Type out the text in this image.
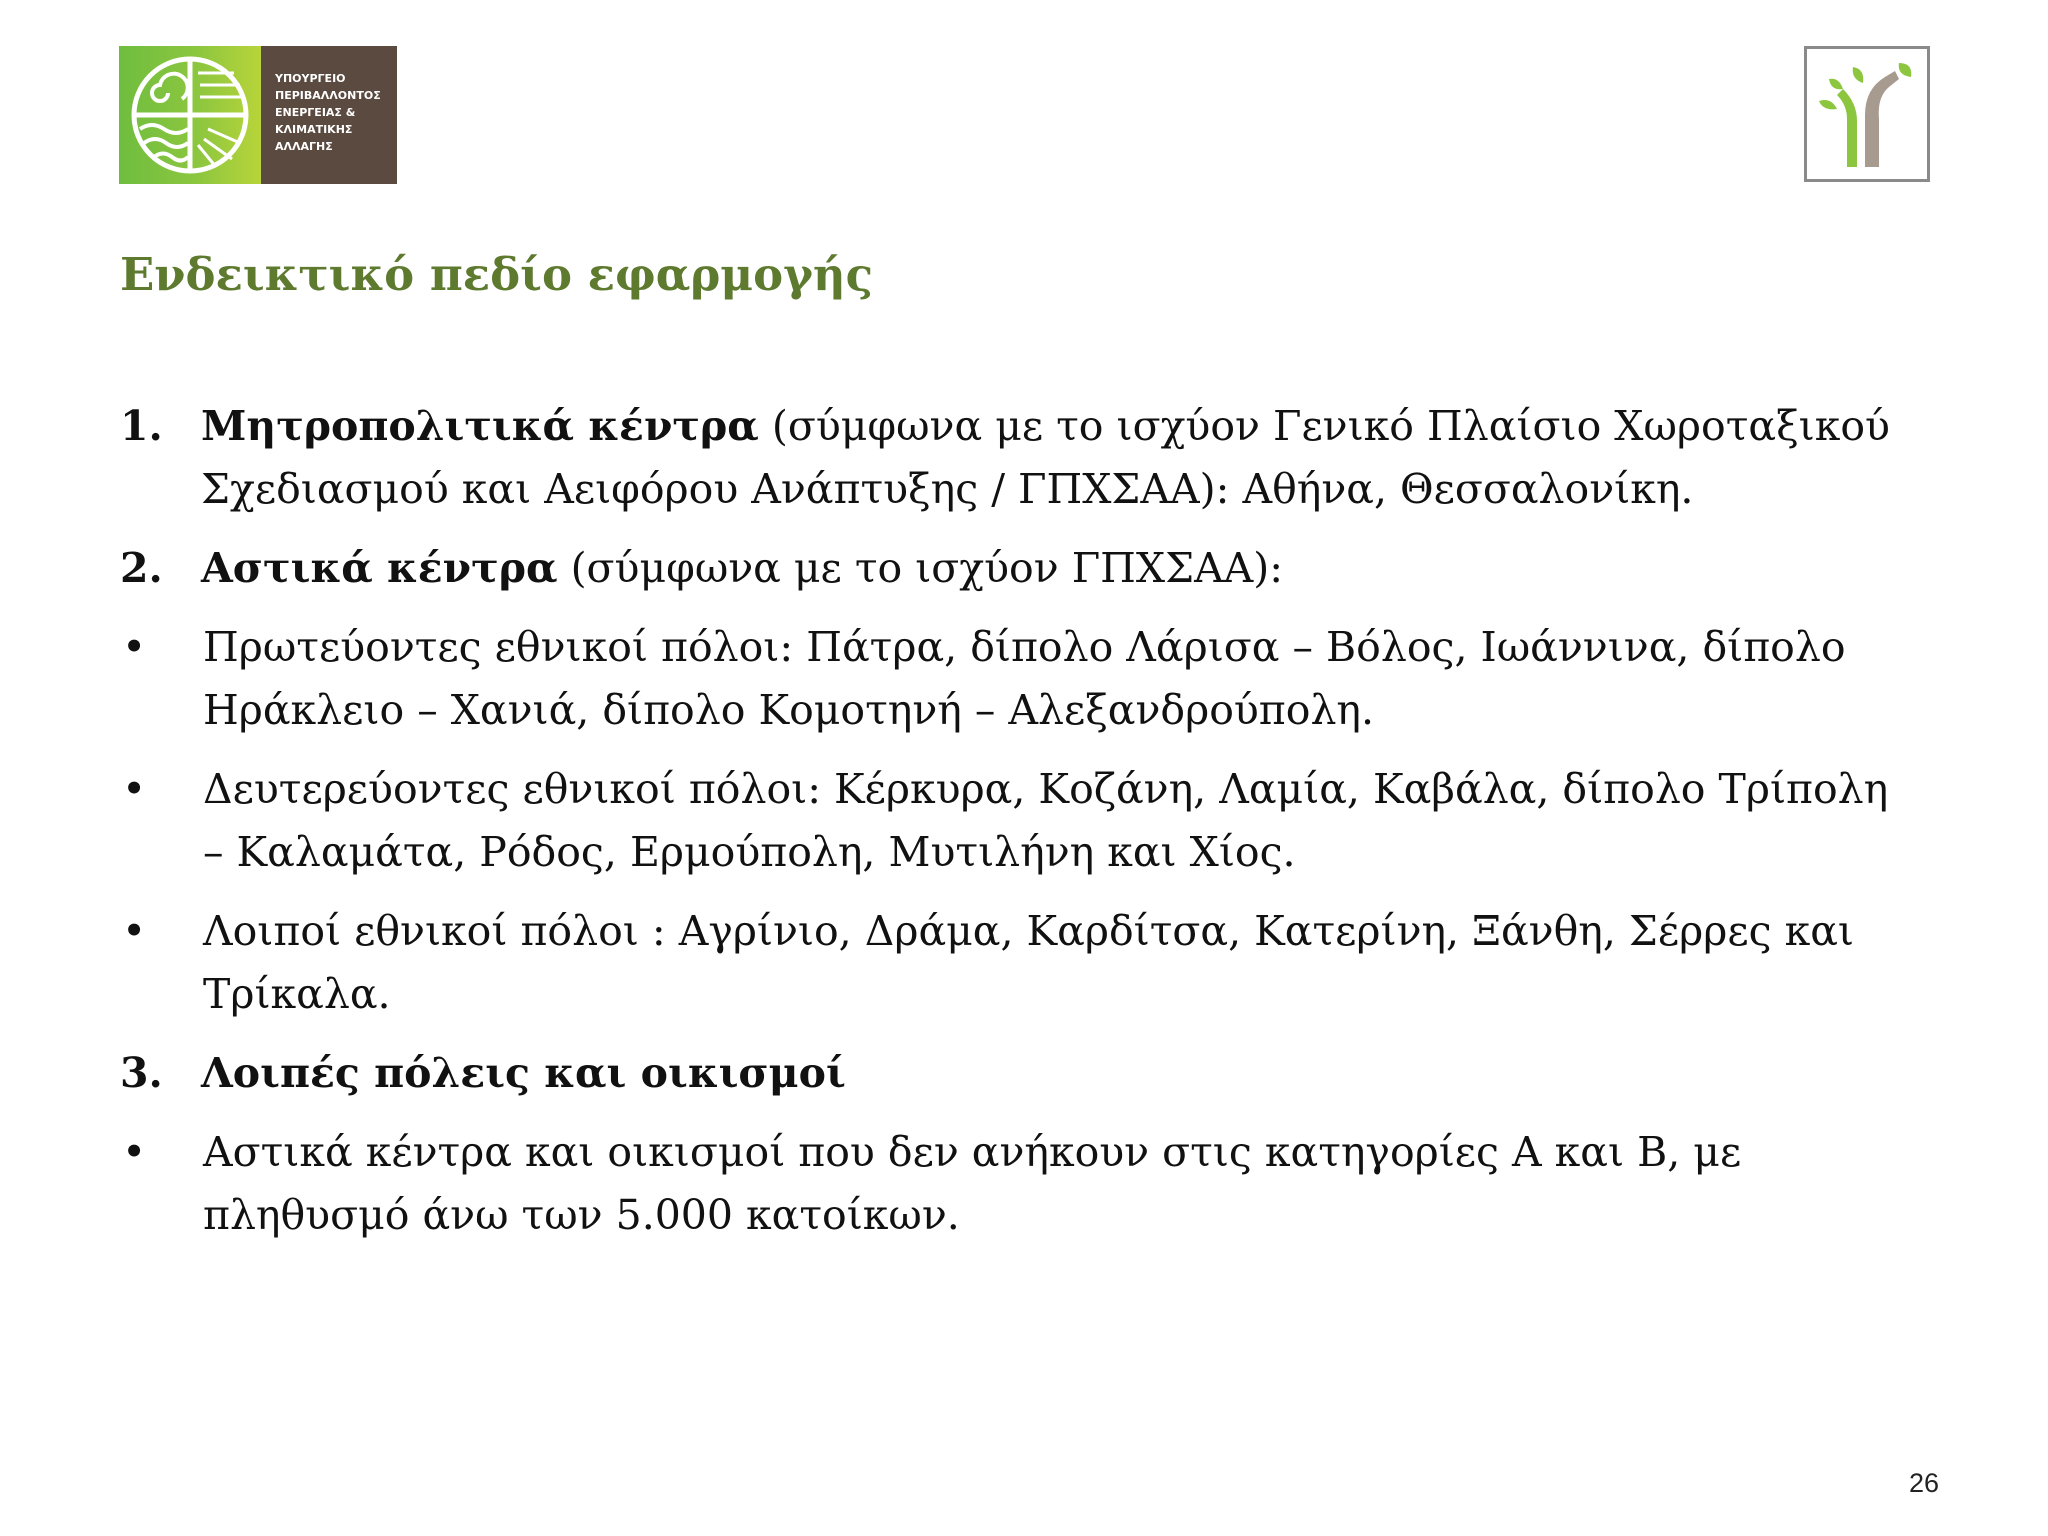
ΥΠΟΥΡΓΕΙΟ
ΠΕΡΙΒΑΛΛΟΝΤΟΣ
ΕΝΕΡΓΕΙΑΣ &
ΚΛΙΜΑΤΙΚΗΣ
ΑΛΛΑΓΗΣ
Ενδεικτικό πεδίο εφαρμογής
1. Μητροπολιτικά κέντρα (σύμφωνα με το ισχύον Γενικό Πλαίσιο Χωροταξικού Σχεδιασμού και Αειφόρου Ανάπτυξης / ΓΠΧΣΑΑ): Αθήνα, Θεσσαλονίκη.
2. Αστικά κέντρα (σύμφωνα με το ισχύον ΓΠΧΣΑΑ):
•	Πρωτεύοντες εθνικοί πόλοι: Πάτρα, δίπολο Λάρισα – Βόλος, Ιωάννινα, δίπολο Ηράκλειο – Χανιά, δίπολο Κομοτηνή – Αλεξανδρούπολη.
•	Δευτερεύοντες εθνικοί πόλοι: Κέρκυρα, Κοζάνη, Λαμία, Καβάλα, δίπολο Τρίπολη – Καλαμάτα, Ρόδος, Ερμούπολη, Μυτιλήνη και Χίος.
•	Λοιποί εθνικοί πόλοι : Αγρίνιο, Δράμα, Καρδίτσα, Κατερίνη, Ξάνθη, Σέρρες και Τρίκαλα.
3. Λοιπές πόλεις και οικισμοί
•	Αστικά κέντρα και οικισμοί που δεν ανήκουν στις κατηγορίες Α και Β, με πληθυσμό άνω των 5.000 κατοίκων.
26
